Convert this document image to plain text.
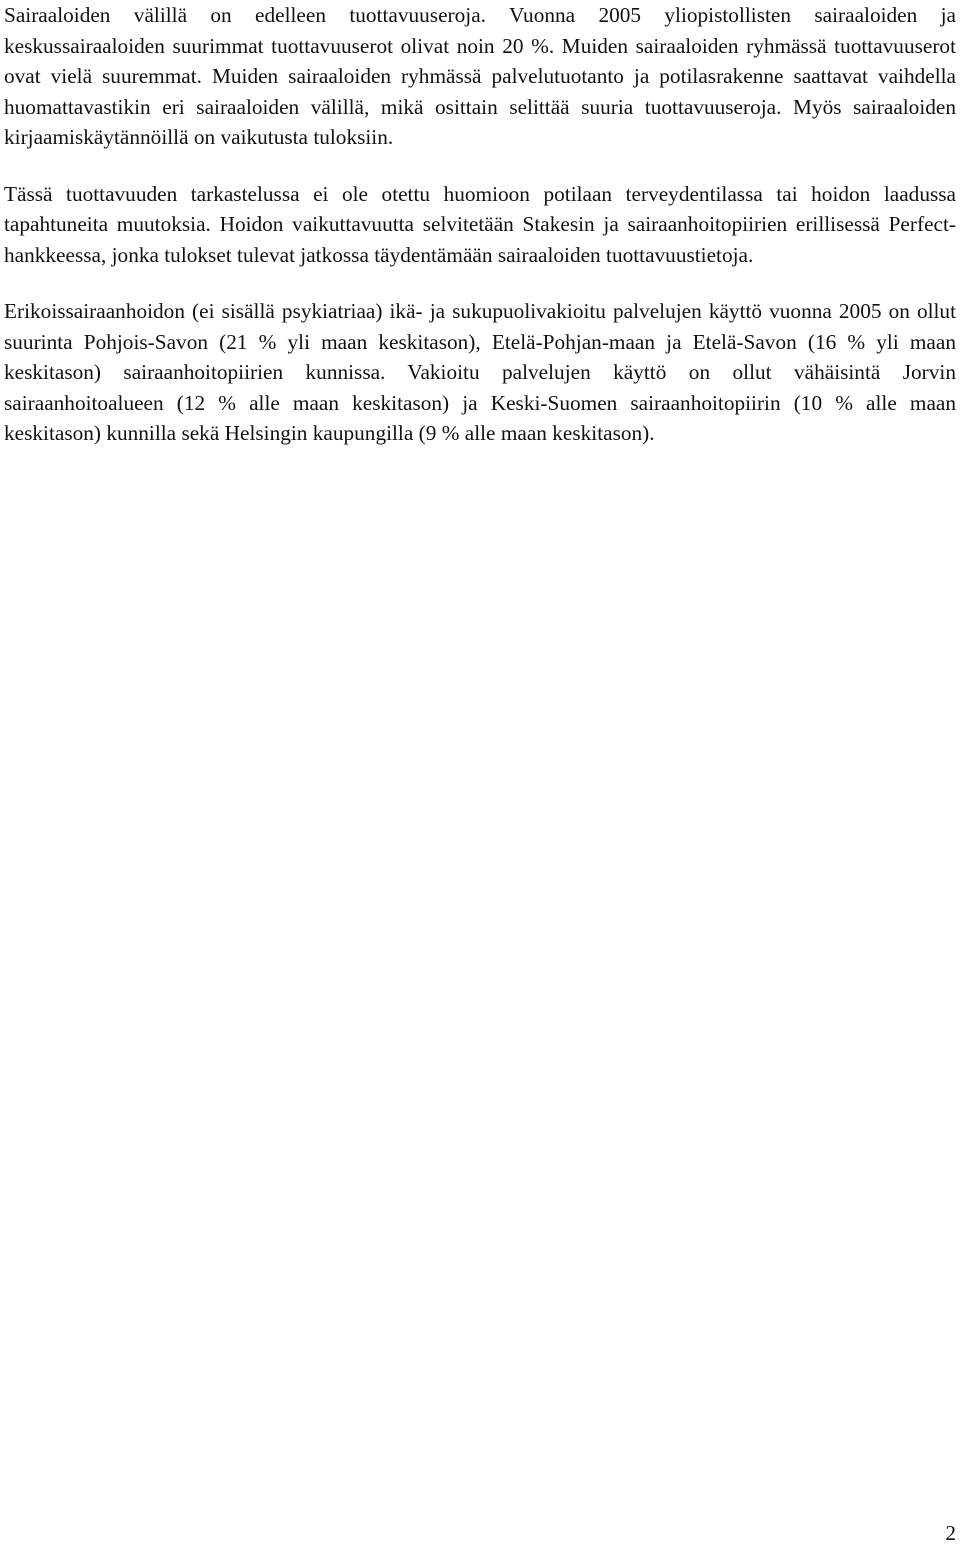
Sairaaloiden välillä on edelleen tuottavuuseroja. Vuonna 2005 yliopistollisten sairaaloiden ja keskussairaaloiden suurimmat tuottavuuserot olivat noin 20 %. Muiden sairaaloiden ryhmässä tuottavuuserot ovat vielä suuremmat. Muiden sairaaloiden ryhmässä palvelutuotanto ja potilasrakenne saattavat vaihdella huomattavastikin eri sairaaloiden välillä, mikä osittain selittää suuria tuottavuuseroja. Myös sairaaloiden kirjaamiskäytännöillä on vaikutusta tuloksiin.

Tässä tuottavuuden tarkastelussa ei ole otettu huomioon potilaan terveydentilassa tai hoidon laadussa tapahtuneita muutoksia. Hoidon vaikuttavuutta selvitetään Stakesin ja sairaanhoitopiirien erillisessä Perfect-hankkeessa, jonka tulokset tulevat jatkossa täydentämään sairaaloiden tuottavuustietoja.

Erikoissairaanhoidon (ei sisällä psykiatriaa) ikä- ja sukupuolivakioitu palvelujen käyttö vuonna 2005 on ollut suurinta Pohjois-Savon (21 % yli maan keskitason), Etelä-Pohjan-maan ja Etelä-Savon (16 % yli maan keskitason) sairaanhoitopiirien kunnissa. Vakioitu palvelujen käyttö on ollut vähäisintä Jorvin sairaanhoitoalueen (12 % alle maan keskitason) ja Keski-Suomen sairaanhoitopiirin (10 % alle maan keskitason) kunnilla sekä Helsingin kaupungilla (9 % alle maan keskitason).

2
